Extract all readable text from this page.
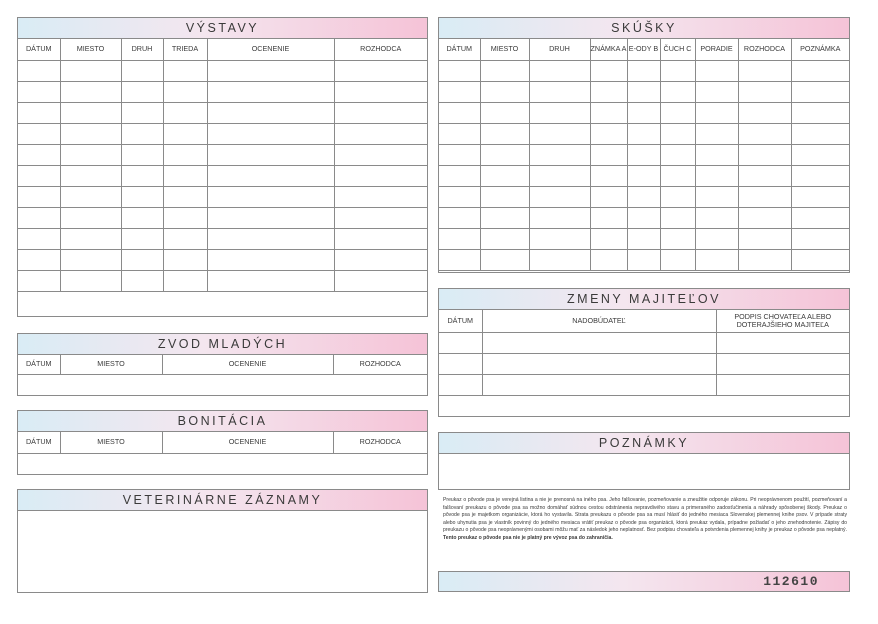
VÝSTAVY
DÁTUM	MIESTO	DRUH	TRIEDA	OCENENIE	ROZHODCA

ZVOD MLADÝCH
DÁTUM	MIESTO	OCENENIE	ROZHODCA

BONITÁCIA
DÁTUM	MIESTO	OCENENIE	ROZHODCA

VETERINÁRNE ZÁZNAMY
SKÚŠKY
DÁTUM	MIESTO	DRUH	ZNÁMKA A	E-ODY B	ČUCH C	PORADIE	ROZHODCA	POZNÁMKA

ZMENY MAJITEĽOV
DÁTUM	NADOBÚDATEĽ	PODPIS CHOVATEĽA ALEBO DOTERAJŠIEHO MAJITEĽA

POZNÁMKY
Preukaz o pôvode psa je verejná listina a nie je prenosná na iného psa. Jeho falšovanie, pozmeňovanie a zneužitie odporuje zákonu. Pri neoprávnenom použití, pozmeňovaní a falšovaní preukazu o pôvode psa sa možno domáhať súdnou cestou odstránenia nepravdivého stavu a primeraného zadosťučinenia a náhrady spôsobenej škody. Preukaz o pôvode psa je majetkom organizácie, ktorá ho vystavila. Strata preukazu o pôvode psa sa musí hlásiť do jedného mesiaca Slovenskej plemennej knihe psov. V prípade straty alebo uhynutia psa je vlastník povinný do jedného mesiaca vrátiť preukaz o pôvode psa organizácii, ktorá preukaz vydala, prípadne požiadať o jeho znehodnotenie. Zápisy do preukazu o pôvode psa neoprávnenými osobami môžu mať za následok jeho neplatnosť. Bez podpisu chovateľa a potvrdenia plemennej knihy je preukaz o pôvode psa neplatný. Tento preukaz o pôvode psa nie je platný pre vývoz psa do zahraničia.
112610
